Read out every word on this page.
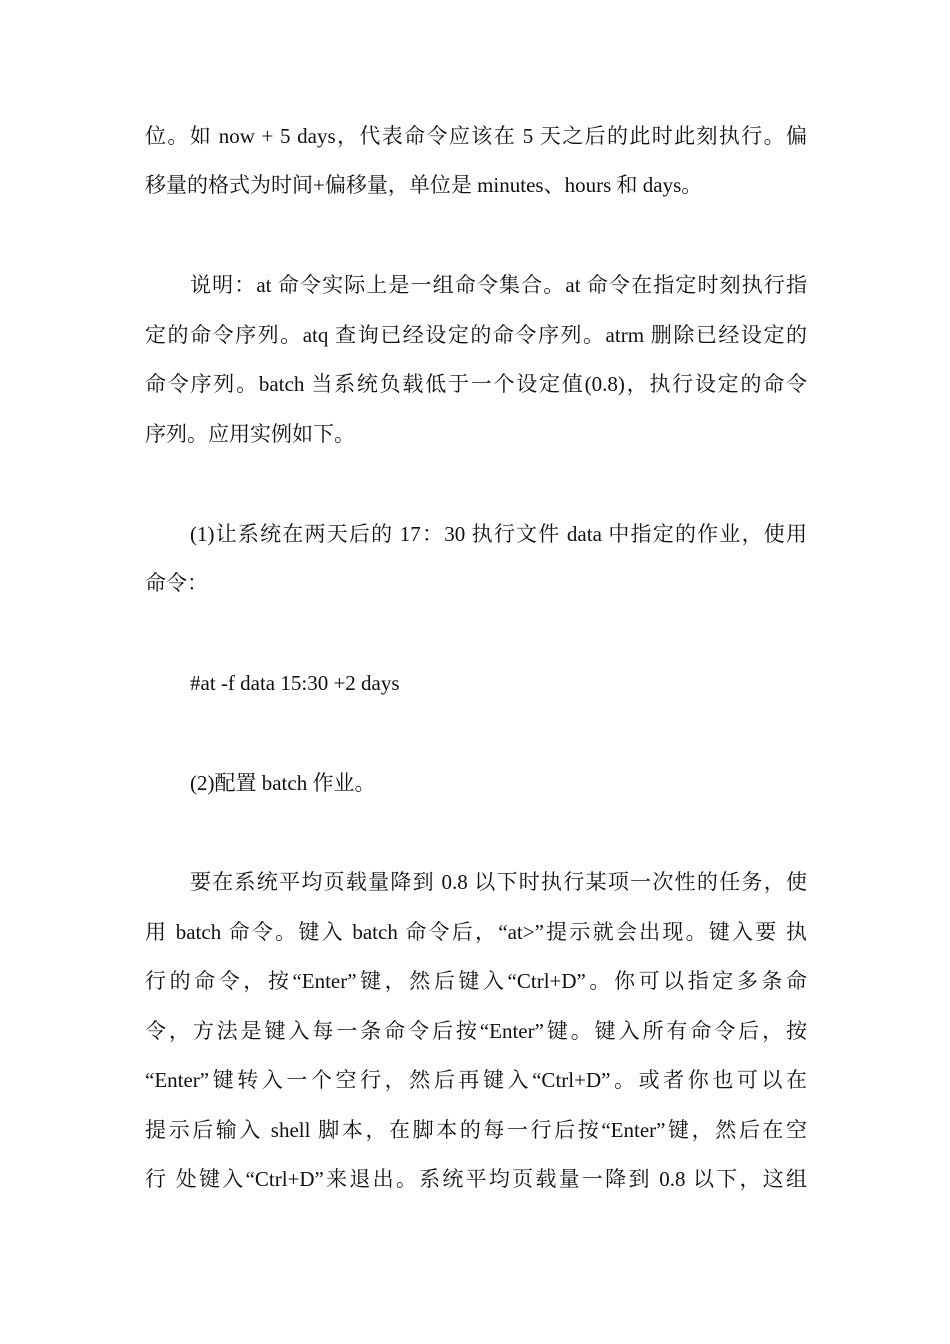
位。如 now + 5 days，代表命令应该在 5 天之后的此时此刻执行。偏
移量的格式为时间+偏移量，单位是 minutes、hours 和 days。
说明：at 命令实际上是一组命令集合。at 命令在指定时刻执行指
定的命令序列。atq 查询已经设定的命令序列。atrm 删除已经设定的
命令序列。batch 当系统负载低于一个设定值(0.8)，执行设定的命令
序列。应用实例如下。
(1)让系统在两天后的 17：30 执行文件 data 中指定的作业，使用
命令：
#at -f data 15:30 +2 days
(2)配置 batch 作业。
要在系统平均页载量降到 0.8 以下时执行某项一次性的任务，使
用 batch 命令。键入 batch 命令后，“at>”提示就会出现。键入要 执
行的命令，按“Enter”键，然后键入“Ctrl+D”。你可以指定多条命
令，方法是键入每一条命令后按“Enter”键。键入所有命令后，按
“Enter”键转入一个空行，然后再键入“Ctrl+D”。或者你也可以在
提示后输入 shell 脚本，在脚本的每一行后按“Enter”键，然后在空
行 处键入“Ctrl+D”来退出。系统平均页载量一降到 0.8 以下，这组
